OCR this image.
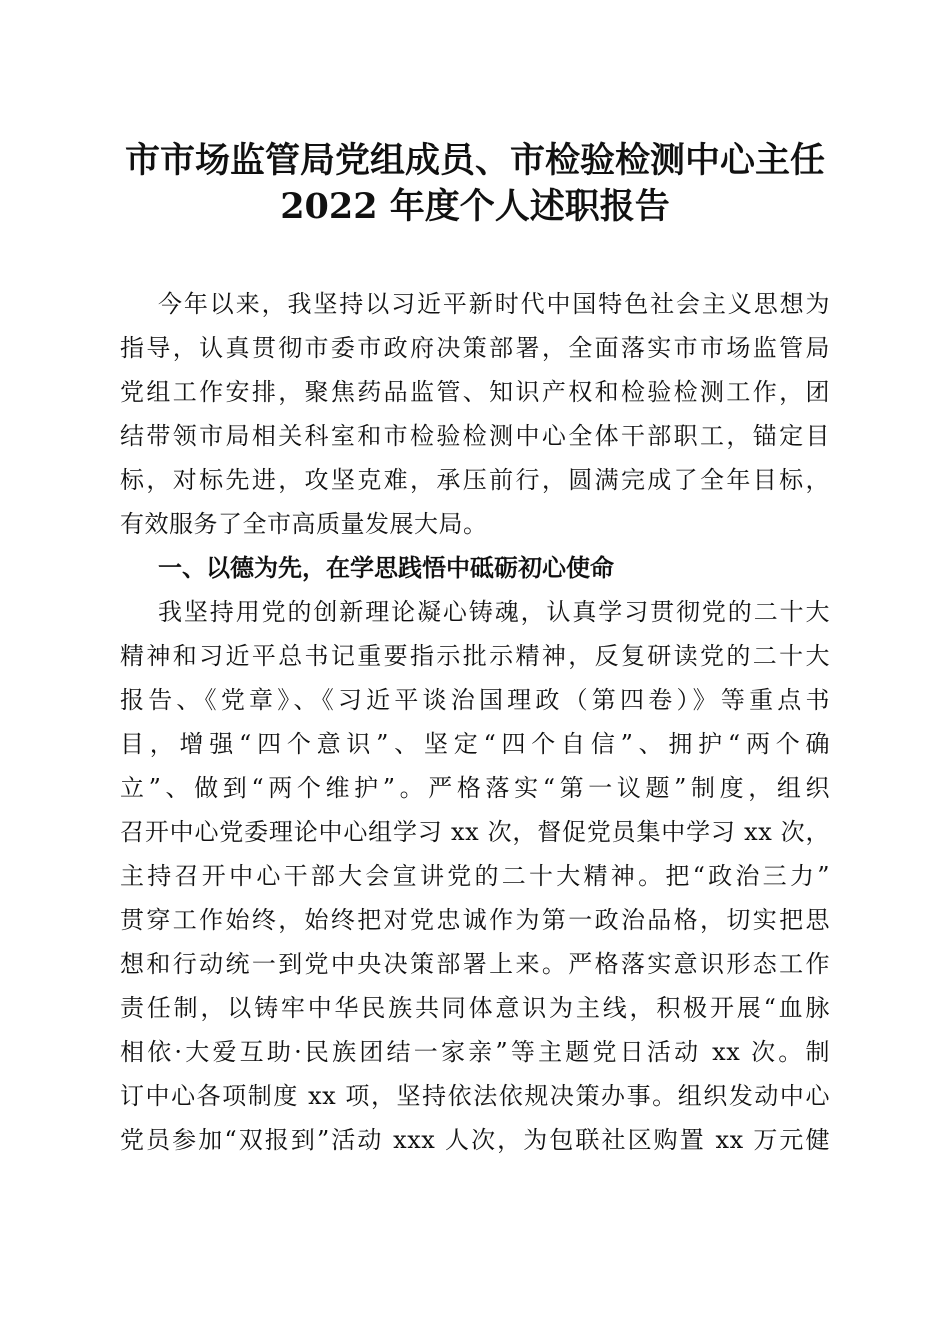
市市场监管局党组成员、市检验检测中心主任
2022 年度个人述职报告
今年以来，我坚持以习近平新时代中国特色社会主义思想为
指导，认真贯彻市委市政府决策部署，全面落实市市场监管局
党组工作安排，聚焦药品监管、知识产权和检验检测工作，团
结带领市局相关科室和市检验检测中心全体干部职工，锚定目
标，对标先进，攻坚克难，承压前行，圆满完成了全年目标，
有效服务了全市高质量发展大局。
一、以德为先，在学思践悟中砥砺初心使命
我坚持用党的创新理论凝心铸魂，认真学习贯彻党的二十大
精神和习近平总书记重要指示批示精神，反复研读党的二十大
报告、《党章》、《习近平谈治国理政（第四卷）》等重点书
目，增强“四个意识”、坚定“四个自信”、拥护“两个确
立”、做到“两个维护”。严格落实“第一议题”制度，组织
召开中心党委理论中心组学习 xx 次，督促党员集中学习 xx 次，
主持召开中心干部大会宣讲党的二十大精神。把“政治三力”
贯穿工作始终，始终把对党忠诚作为第一政治品格，切实把思
想和行动统一到党中央决策部署上来。严格落实意识形态工作
责任制，以铸牢中华民族共同体意识为主线，积极开展“血脉
相依·大爱互助·民族团结一家亲”等主题党日活动 xx 次。制
订中心各项制度 xx 项，坚持依法依规决策办事。组织发动中心
党员参加“双报到”活动 xxx 人次，为包联社区购置 xx 万元健
